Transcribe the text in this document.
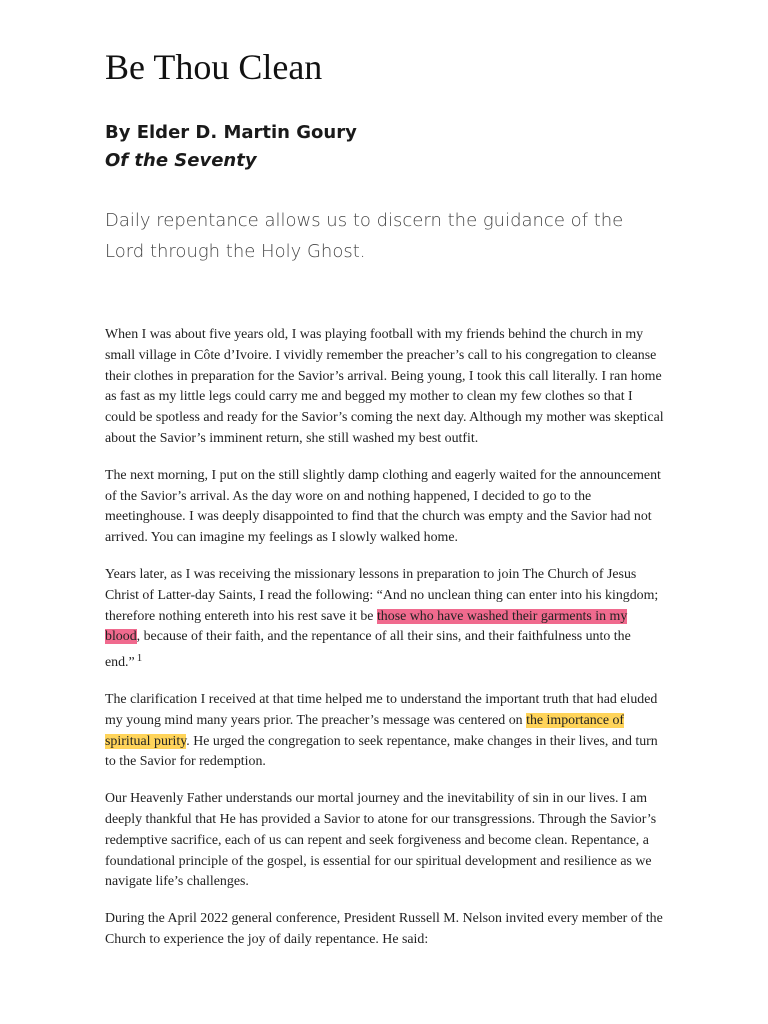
Be Thou Clean
By Elder D. Martin Goury
Of the Seventy

Daily repentance allows us to discern the guidance of the Lord through the Holy Ghost.

When I was about five years old, I was playing football with my friends behind the church in my small village in Côte d’Ivoire. I vividly remember the preacher’s call to his congregation to cleanse their clothes in preparation for the Savior’s arrival. Being young, I took this call literally. I ran home as fast as my little legs could carry me and begged my mother to clean my few clothes so that I could be spotless and ready for the Savior’s coming the next day. Although my mother was skeptical about the Savior’s imminent return, she still washed my best outfit.

The next morning, I put on the still slightly damp clothing and eagerly waited for the announcement of the Savior’s arrival. As the day wore on and nothing happened, I decided to go to the meetinghouse. I was deeply disappointed to find that the church was empty and the Savior had not arrived. You can imagine my feelings as I slowly walked home.

Years later, as I was receiving the missionary lessons in preparation to join The Church of Jesus Christ of Latter-day Saints, I read the following: “And no unclean thing can enter into his kingdom; therefore nothing entereth into his rest save it be those who have washed their garments in my blood, because of their faith, and the repentance of all their sins, and their faithfulness unto the end.” $^1$

The clarification I received at that time helped me to understand the important truth that had eluded my young mind many years prior. The preacher’s message was centered on the importance of spiritual purity. He urged the congregation to seek repentance, make changes in their lives, and turn to the Savior for redemption.

Our Heavenly Father understands our mortal journey and the inevitability of sin in our lives. I am deeply thankful that He has provided a Savior to atone for our transgressions. Through the Savior’s redemptive sacrifice, each of us can repent and seek forgiveness and become clean. Repentance, a foundational principle of the gospel, is essential for our spiritual development and resilience as we navigate life’s challenges.

During the April 2022 general conference, President Russell M. Nelson invited every member of the Church to experience the joy of daily repentance. He said:
